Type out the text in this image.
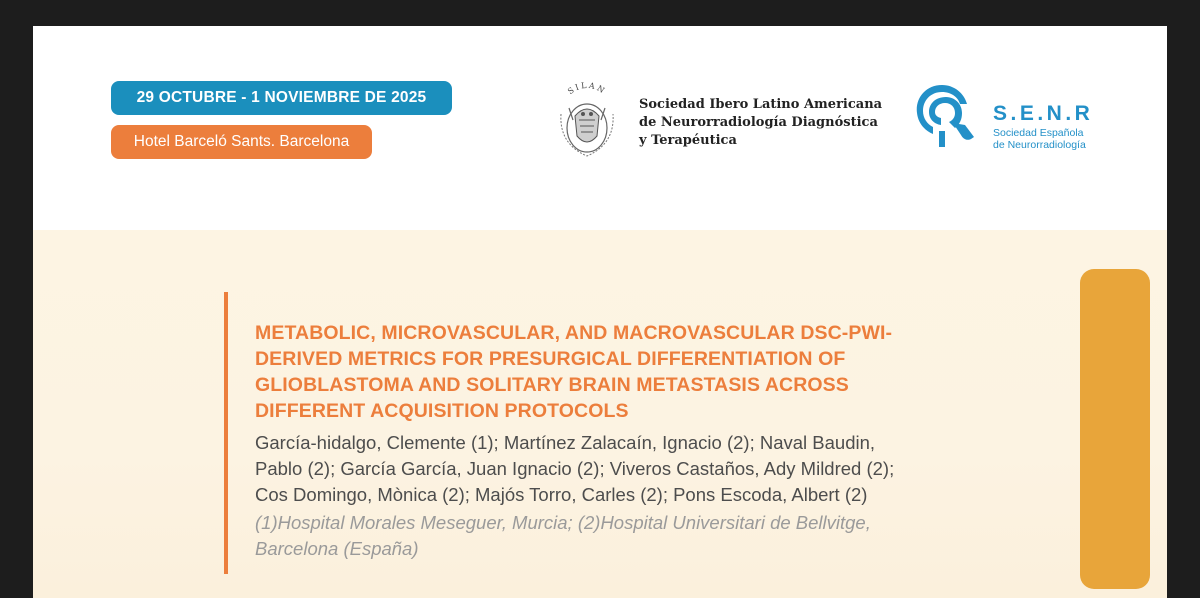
29 OCTUBRE - 1 NOVIEMBRE DE 2025
Hotel Barceló Sants. Barcelona
SILAN
Sociedad Ibero Latino Americana
de Neurorradiología Diagnóstica
y Terapéutica
S.E.N.R
Sociedad Española
de Neurorradiología
METABOLIC, MICROVASCULAR, AND MACROVASCULAR DSC-PWI-
DERIVED METRICS FOR PRESURGICAL DIFFERENTIATION OF
GLIOBLASTOMA AND SOLITARY BRAIN METASTASIS ACROSS
DIFFERENT ACQUISITION PROTOCOLS
García-hidalgo, Clemente (1); Martínez Zalacaín, Ignacio (2); Naval Baudin,
Pablo (2); García García, Juan Ignacio (2); Viveros Castaños, Ady Mildred (2);
Cos Domingo, Mònica (2); Majós Torro, Carles (2); Pons Escoda, Albert (2)
(1)Hospital Morales Meseguer, Murcia; (2)Hospital Universitari de Bellvitge,
Barcelona (España)
